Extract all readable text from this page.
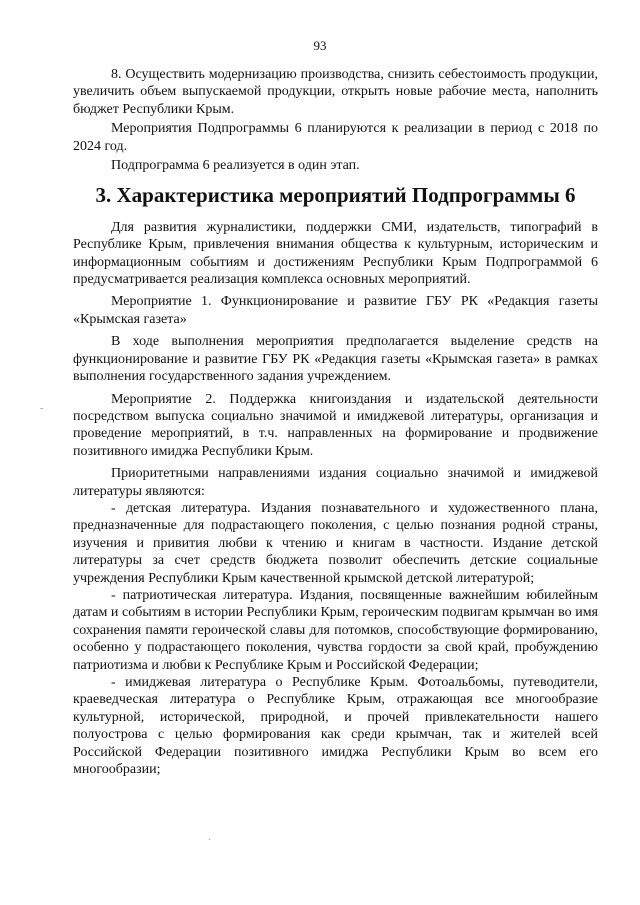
93
-
·

8. Осуществить модернизацию производства, снизить себестоимость продукции, увеличить объем выпускаемой продукции, открыть новые рабочие места, наполнить бюджет Республики Крым.

Мероприятия Подпрограммы 6 планируются к реализации в период с 2018 по 2024 год.

Подпрограмма 6 реализуется в один этап.

3. Характеристика мероприятий Подпрограммы 6

Для развития журналистики, поддержки СМИ, издательств, типографий в Республике Крым, привлечения внимания общества к культурным, историческим и информационным событиям и достижениям Республики Крым Подпрограммой 6 предусматривается реализация комплекса основных мероприятий.

Мероприятие 1. Функционирование и развитие ГБУ РК «Редакция газеты «Крымская газета»

В ходе выполнения мероприятия предполагается выделение средств на функционирование и развитие ГБУ РК «Редакция газеты «Крымская газета» в рамках выполнения государственного задания учреждением.

Мероприятие 2. Поддержка книгоиздания и издательской деятельности посредством выпуска социально значимой и имиджевой литературы, организация и проведение мероприятий, в т.ч. направленных на формирование и продвижение позитивного имиджа Республики Крым.

Приоритетными направлениями издания социально значимой и имиджевой литературы являются:

- детская литература. Издания познавательного и художественного плана, предназначенные для подрастающего поколения, с целью познания родной страны, изучения и привития любви к чтению и книгам в частности. Издание детской литературы за счет средств бюджета позволит обеспечить детские социальные учреждения Республики Крым качественной крымской детской литературой;

- патриотическая литература. Издания, посвященные важнейшим юбилейным датам и событиям в истории Республики Крым, героическим подвигам крымчан во имя сохранения памяти героической славы для потомков, способствующие формированию, особенно у подрастающего поколения, чувства гордости за свой край, пробуждению патриотизма и любви к Республике Крым и Российской Федерации;

- имиджевая литература о Республике Крым. Фотоальбомы, путеводители, краеведческая литература о Республике Крым, отражающая все многообразие культурной, исторической, природной, и прочей привлекательности нашего полуострова с целью формирования как среди крымчан, так и жителей всей Российской Федерации позитивного имиджа Республики Крым во всем его многообразии;
